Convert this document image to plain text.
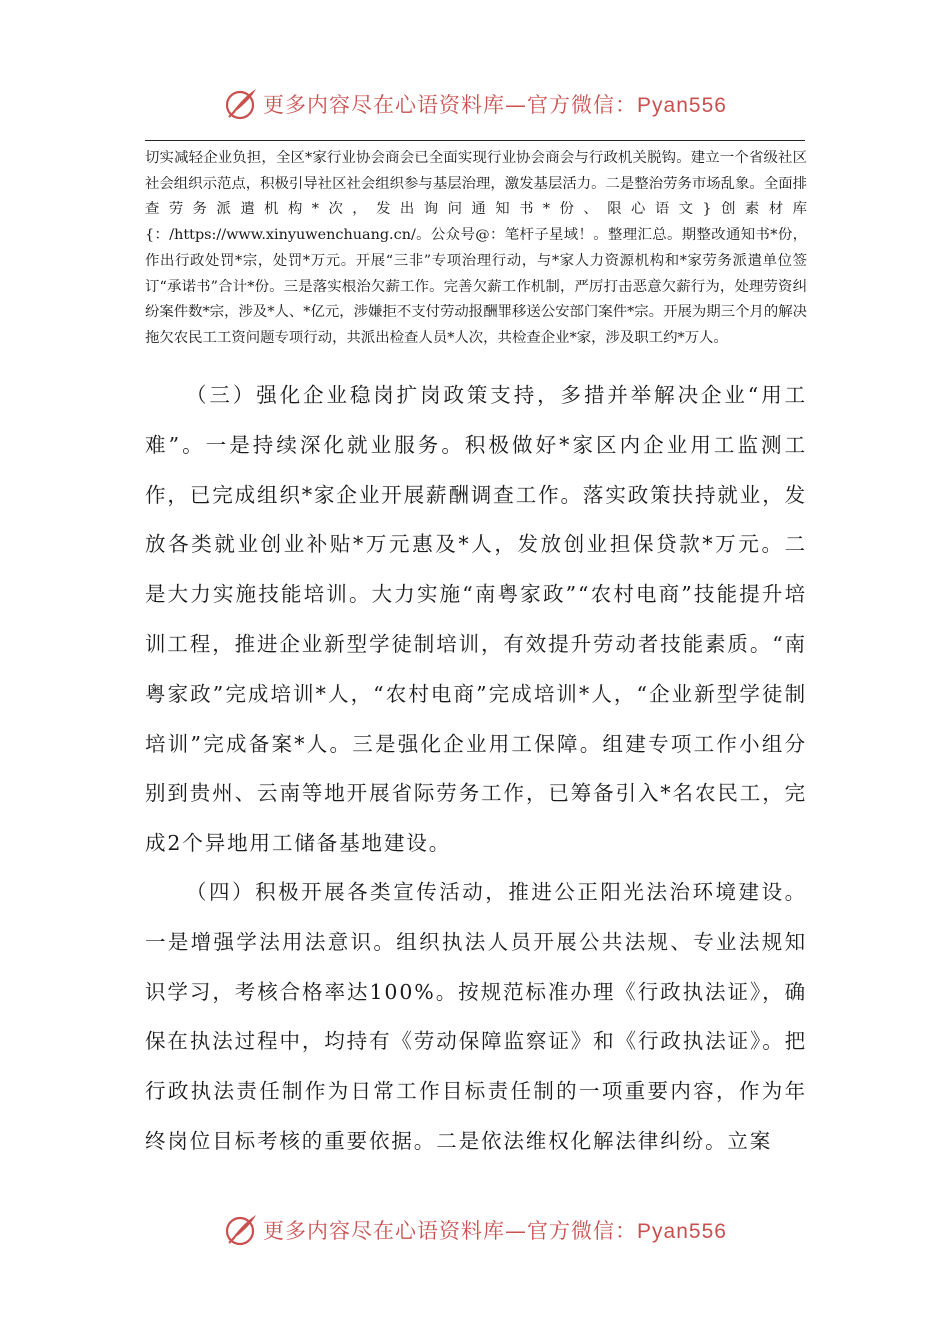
更多内容尽在心语资料库—官方微信：Pyan556

切实减轻企业负担，全区*家行业协会商会已全面实现行业协会商会与行政机关脱钩。建立一个省级社区社会组织示范点，积极引导社区社会组织参与基层治理，激发基层活力。二是整治劳务市场乱象。全面排查劳务派遣机构*次，发出询问通知书*份、限心语文}创素材库{：/https://www.xinyuwenchuang.cn/。公众号@：笔杆子星域！。整理汇总。期整改通知书*份，作出行政处罚*宗，处罚*万元。开展“三非”专项治理行动，与*家人力资源机构和*家劳务派遣单位签订“承诺书”合计*份。三是落实根治欠薪工作。完善欠薪工作机制，严厉打击恶意欠薪行为，处理劳资纠纷案件数*宗，涉及*人、*亿元，涉嫌拒不支付劳动报酬罪移送公安部门案件*宗。开展为期三个月的解决拖欠农民工工资问题专项行动，共派出检查人员*人次，共检查企业*家，涉及职工约*万人。

（三）强化企业稳岗扩岗政策支持，多措并举解决企业“用工难”。一是持续深化就业服务。积极做好*家区内企业用工监测工作，已完成组织*家企业开展薪酬调查工作。落实政策扶持就业，发放各类就业创业补贴*万元惠及*人，发放创业担保贷款*万元。二是大力实施技能培训。大力实施“南粤家政”“农村电商”技能提升培训工程，推进企业新型学徒制培训，有效提升劳动者技能素质。“南粤家政”完成培训*人，“农村电商”完成培训*人，“企业新型学徒制培训”完成备案*人。三是强化企业用工保障。组建专项工作小组分别到贵州、云南等地开展省际劳务工作，已筹备引入*名农民工，完成2个异地用工储备基地建设。

（四）积极开展各类宣传活动，推进公正阳光法治环境建设。一是增强学法用法意识。组织执法人员开展公共法规、专业法规知识学习，考核合格率达100%。按规范标准办理《行政执法证》，确保在执法过程中，均持有《劳动保障监察证》和《行政执法证》。把行政执法责任制作为日常工作目标责任制的一项重要内容，作为年终岗位目标考核的重要依据。二是依法维权化解法律纠纷。立案

更多内容尽在心语资料库—官方微信：Pyan556
